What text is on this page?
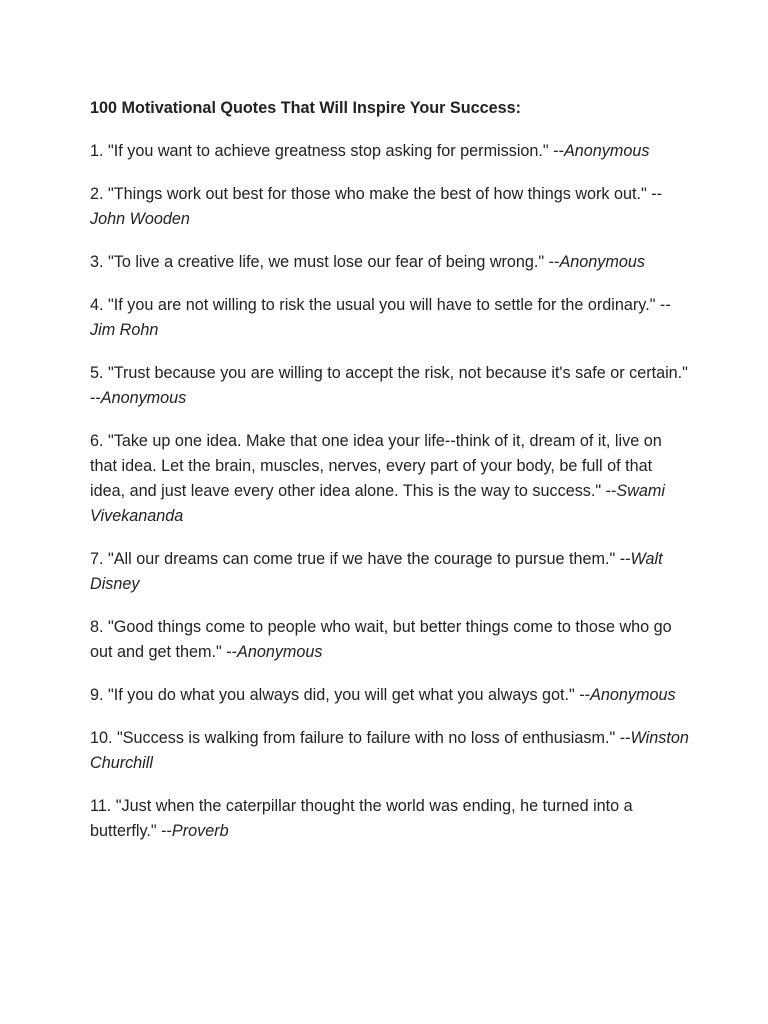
100 Motivational Quotes That Will Inspire Your Success:

1. "If you want to achieve greatness stop asking for permission." --Anonymous

2. "Things work out best for those who make the best of how things work out." --John Wooden

3. "To live a creative life, we must lose our fear of being wrong." --Anonymous

4. "If you are not willing to risk the usual you will have to settle for the ordinary." --Jim Rohn

5. "Trust because you are willing to accept the risk, not because it's safe or certain." --Anonymous

6. "Take up one idea. Make that one idea your life--think of it, dream of it, live on that idea. Let the brain, muscles, nerves, every part of your body, be full of that idea, and just leave every other idea alone. This is the way to success." --Swami Vivekananda

7. "All our dreams can come true if we have the courage to pursue them." --Walt Disney

8. "Good things come to people who wait, but better things come to those who go out and get them." --Anonymous

9. "If you do what you always did, you will get what you always got." --Anonymous

10. "Success is walking from failure to failure with no loss of enthusiasm." --Winston Churchill

11. "Just when the caterpillar thought the world was ending, he turned into a butterfly." --Proverb
